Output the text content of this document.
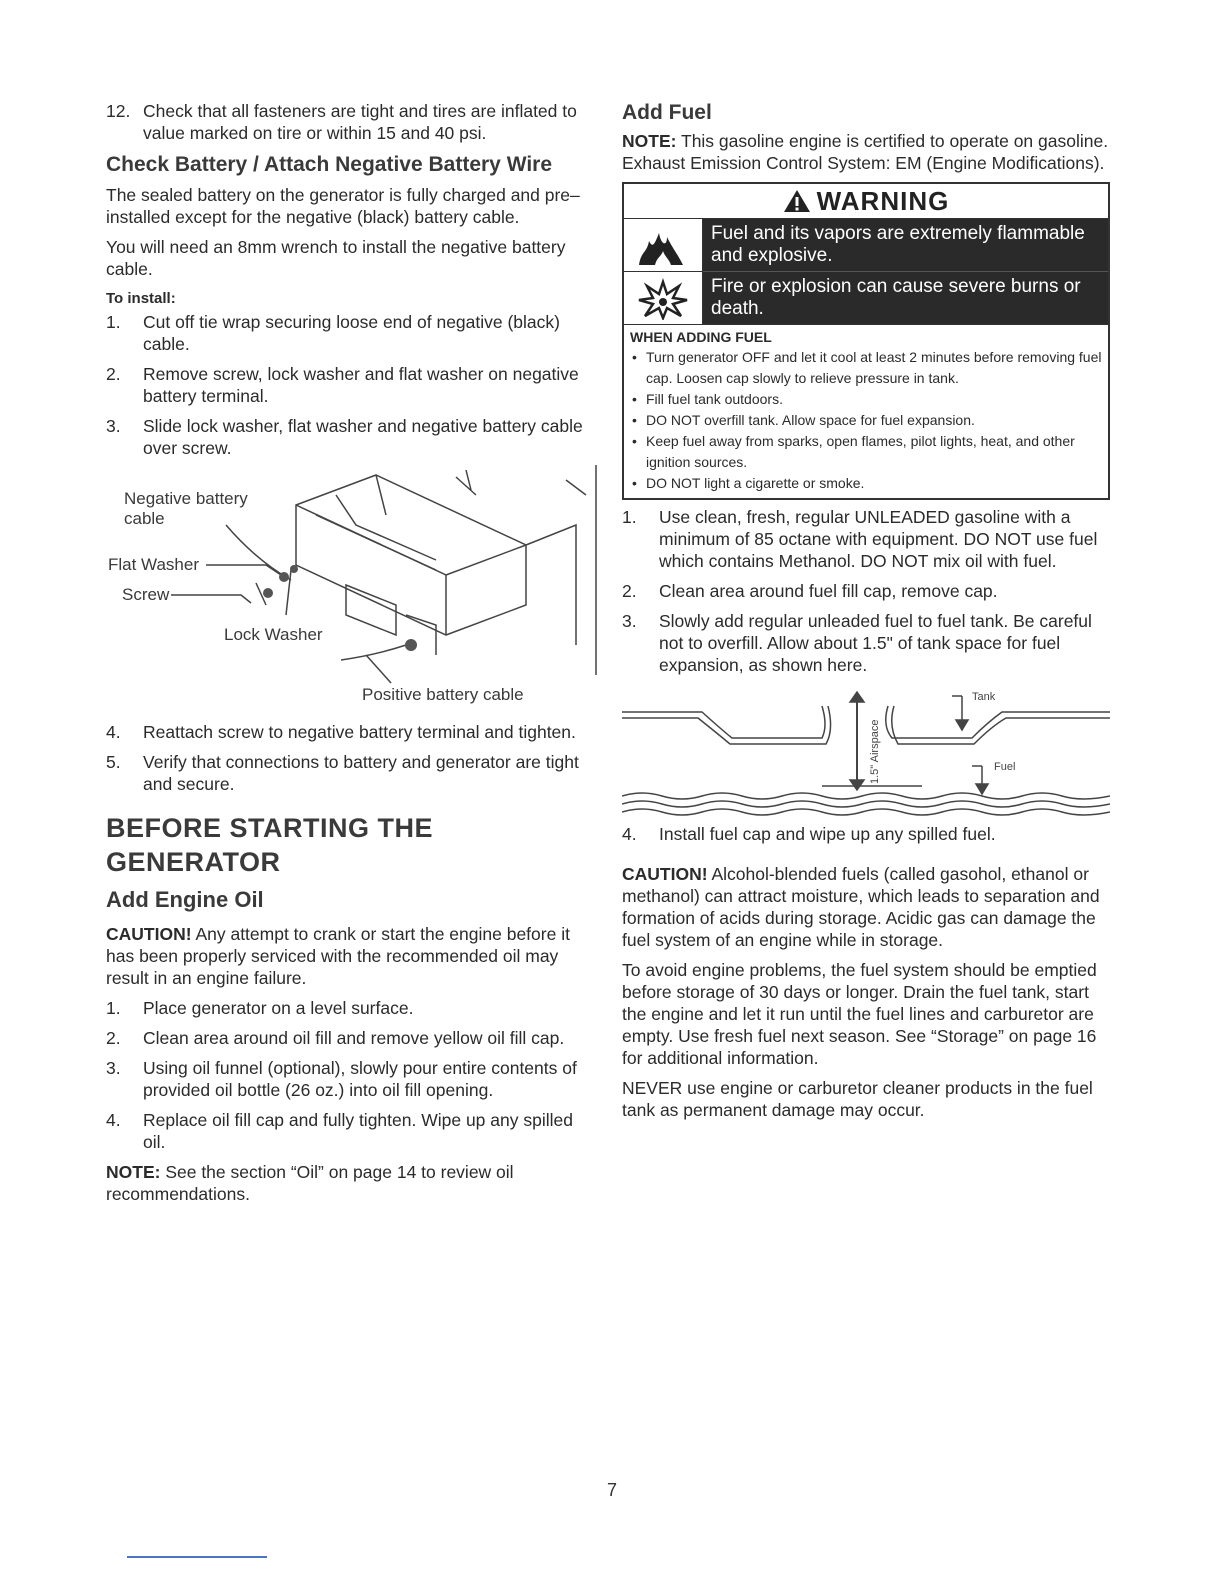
12. Check that all fasteners are tight and tires are inflated to value marked on tire or within 15 and 40 psi.
Check Battery / Attach Negative Battery Wire

The sealed battery on the generator is fully charged and pre–installed except for the negative (black) battery cable.

You will need an 8mm wrench to install the negative battery cable.

To install:
1. Cut off tie wrap securing loose end of negative (black) cable.
2. Remove screw, lock washer and flat washer on negative battery terminal.
3. Slide lock washer, flat washer and negative battery cable over screw.
Negative battery cable
Flat Washer
Screw
Lock Washer
Positive battery cable
4. Reattach screw to negative battery terminal and tighten.
5. Verify that connections to battery and generator are tight and secure.
BEFORE STARTING THE GENERATOR
Add Engine Oil

CAUTION! Any attempt to crank or start the engine before it has been properly serviced with the recommended oil may result in an engine failure.

1. Place generator on a level surface.
2. Clean area around oil fill and remove yellow oil fill cap.
3. Using oil funnel (optional), slowly pour entire contents of provided oil bottle (26 oz.) into oil fill opening.
4. Replace oil fill cap and fully tighten. Wipe up any spilled oil.

NOTE: See the section “Oil” on page 14 to review oil recommendations.

Add Fuel

NOTE: This gasoline engine is certified to operate on gasoline. Exhaust Emission Control System: EM (Engine Modifications).

WARNING
Fuel and its vapors are extremely flammable and explosive.
Fire or explosion can cause severe burns or death.
WHEN ADDING FUEL
• Turn generator OFF and let it cool at least 2 minutes before removing fuel cap. Loosen cap slowly to relieve pressure in tank.
• Fill fuel tank outdoors.
• DO NOT overfill tank. Allow space for fuel expansion.
• Keep fuel away from sparks, open flames, pilot lights, heat, and other ignition sources.
• DO NOT light a cigarette or smoke.
1. Use clean, fresh, regular UNLEADED gasoline with a minimum of 85 octane with equipment. DO NOT use fuel which contains Methanol. DO NOT mix oil with fuel.
2. Clean area around fuel fill cap, remove cap.
3. Slowly add regular unleaded fuel to fuel tank. Be careful not to overfill. Allow about 1.5" of tank space for fuel expansion, as shown here.
Tank
Fuel
1.5" Airspace
4. Install fuel cap and wipe up any spilled fuel.

CAUTION! Alcohol-blended fuels (called gasohol, ethanol or methanol) can attract moisture, which leads to separation and formation of acids during storage. Acidic gas can damage the fuel system of an engine while in storage.

To avoid engine problems, the fuel system should be emptied before storage of 30 days or longer. Drain the fuel tank, start the engine and let it run until the fuel lines and carburetor are empty. Use fresh fuel next season. See “Storage” on page 16 for additional information.

NEVER use engine or carburetor cleaner products in the fuel tank as permanent damage may occur.

7
